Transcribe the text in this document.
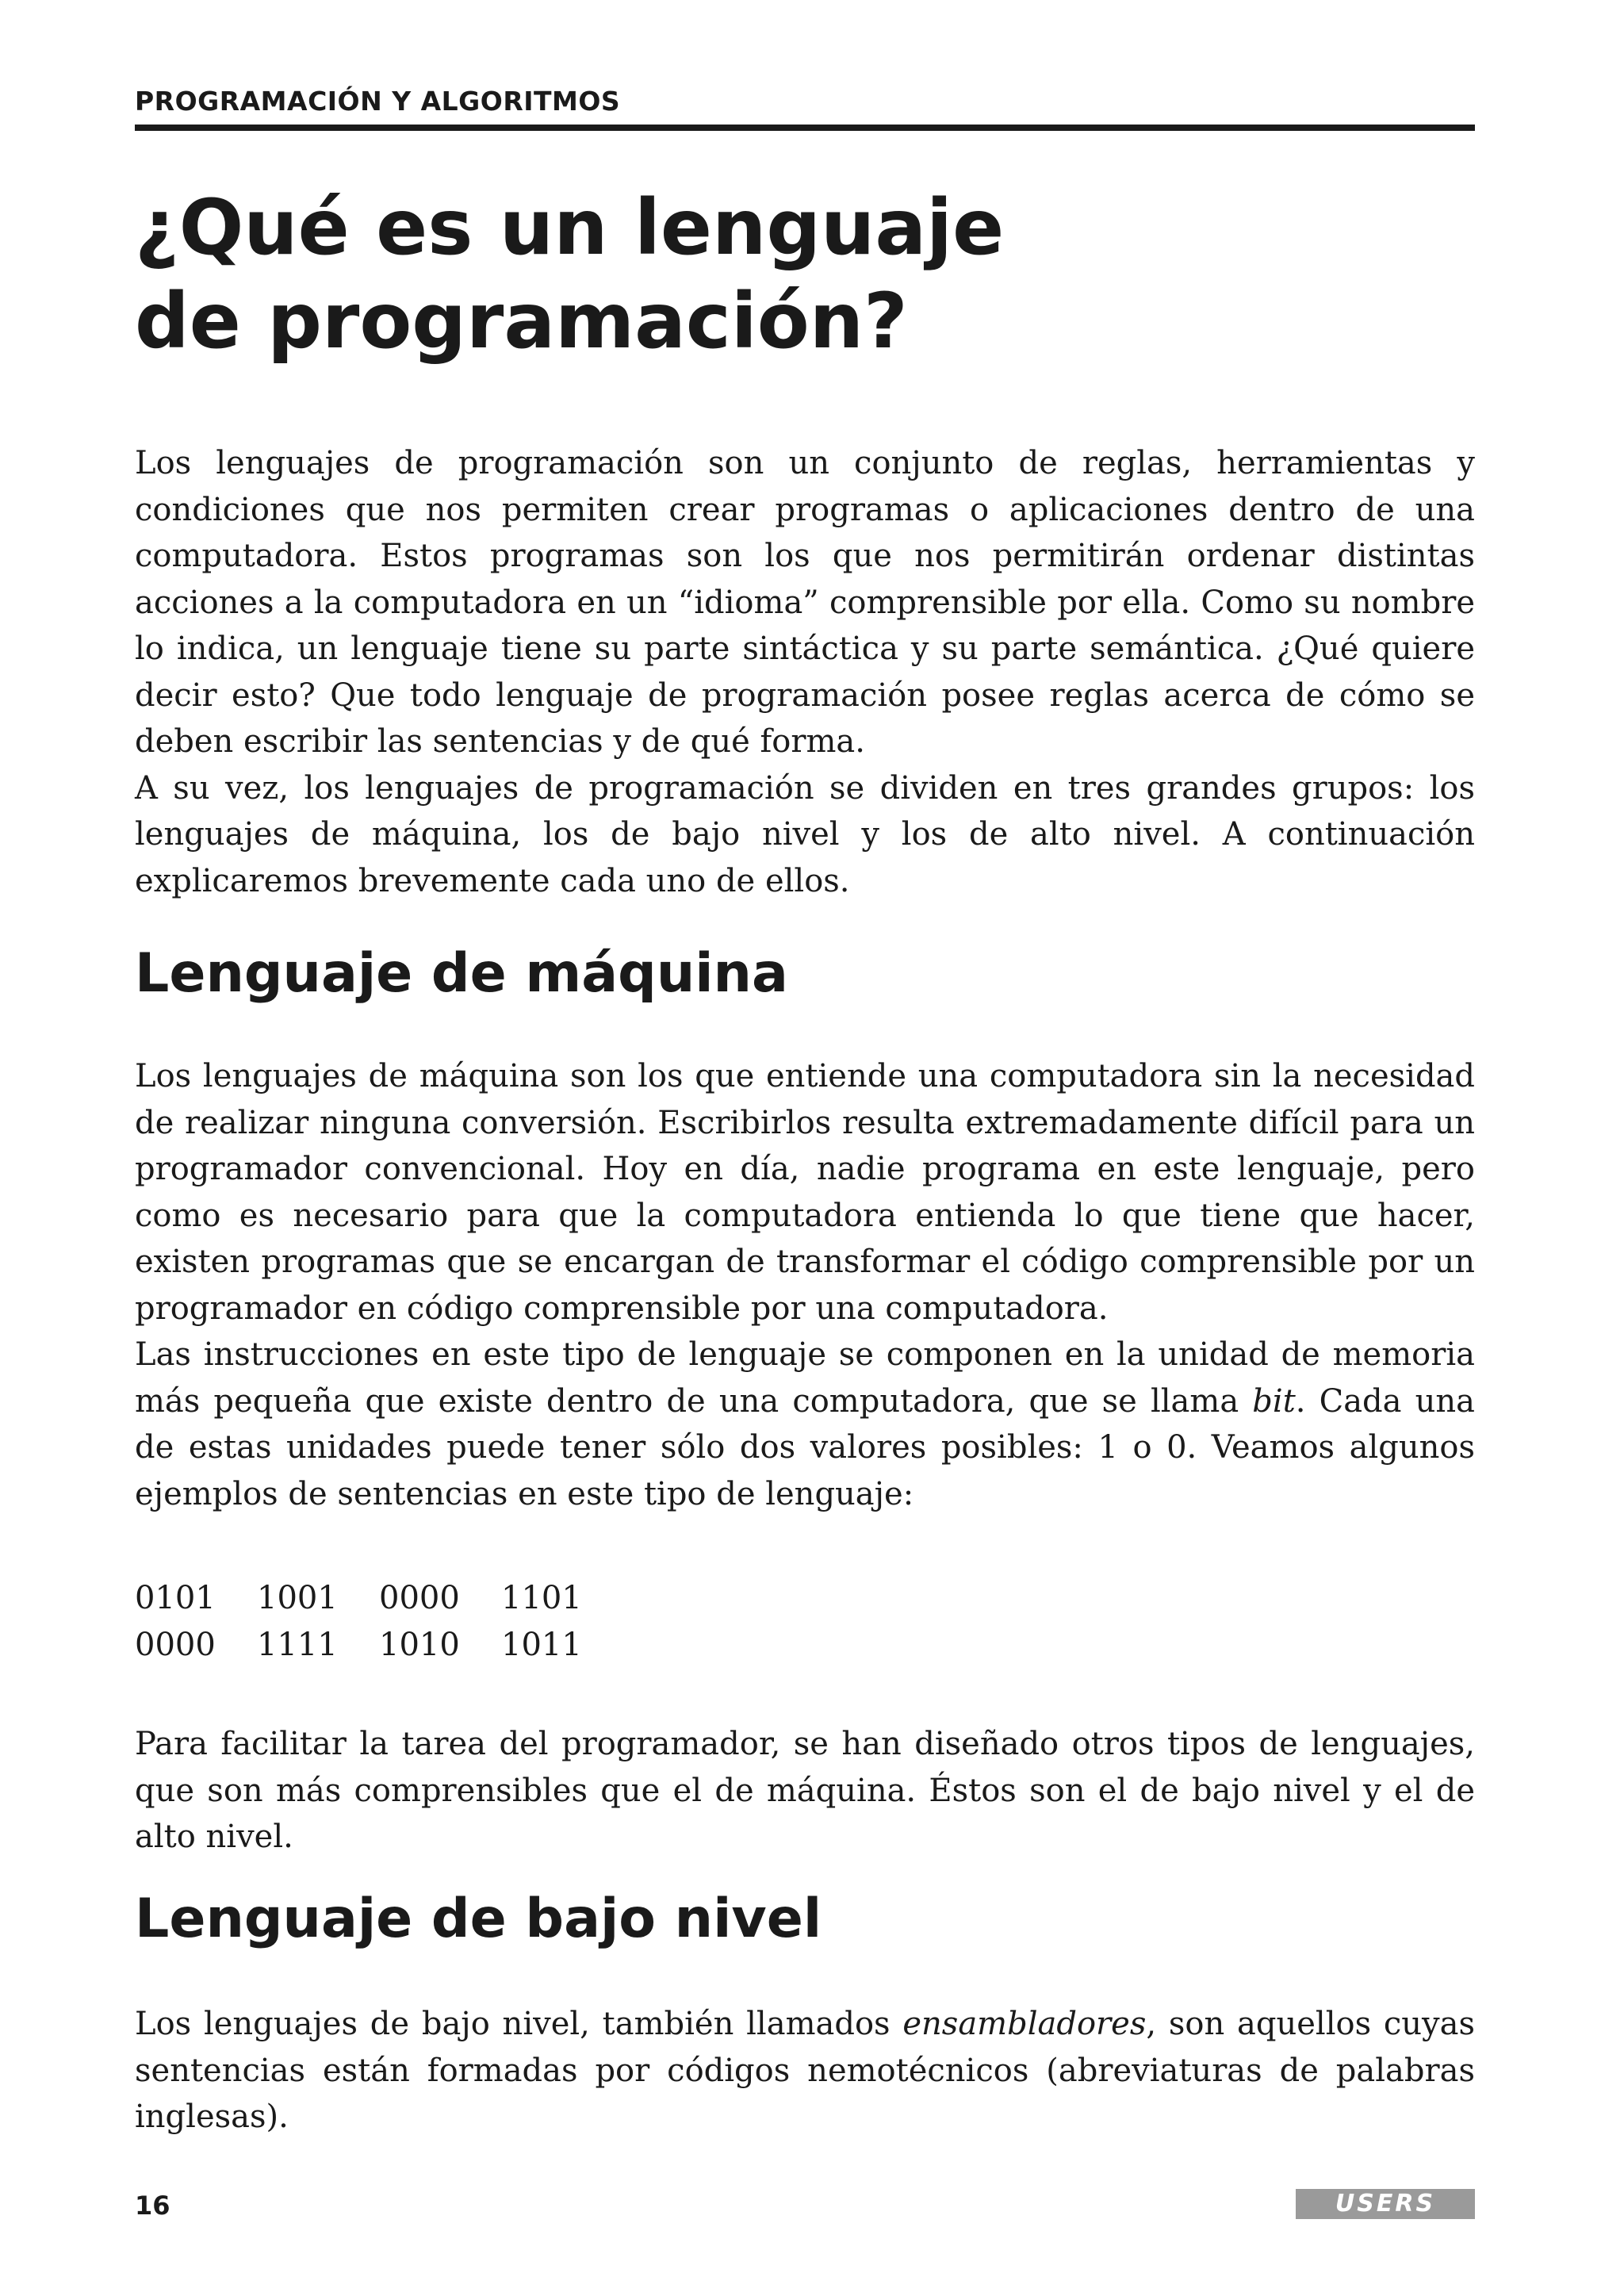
PROGRAMACIÓN Y ALGORITMOS
¿Qué es un lenguaje
de programación?

Los lenguajes de programación son un conjunto de reglas, herramientas y condiciones que nos permiten crear programas o aplicaciones dentro de una computadora. Estos programas son los que nos permitirán ordenar distintas acciones a la computadora en un “idioma” comprensible por ella. Como su nombre lo indica, un lenguaje tiene su parte sintáctica y su parte semántica. ¿Qué quiere decir esto? Que todo lenguaje de programación posee reglas acerca de cómo se deben escribir las sentencias y de qué forma.

A su vez, los lenguajes de programación se dividen en tres grandes grupos: los lenguajes de máquina, los de bajo nivel y los de alto nivel. A continuación explicaremos brevemente cada uno de ellos.

Lenguaje de máquina

Los lenguajes de máquina son los que entiende una computadora sin la necesidad de realizar ninguna conversión. Escribirlos resulta extremadamente difícil para un programador convencional. Hoy en día, nadie programa en este lenguaje, pero como es necesario para que la computadora entienda lo que tiene que hacer, existen programas que se encargan de transformar el código comprensible por un programador en código comprensible por una computadora.

Las instrucciones en este tipo de lenguaje se componen en la unidad de memoria más pequeña que existe dentro de una computadora, que se llama bit. Cada una de estas unidades puede tener sólo dos valores posibles: 1 o 0. Veamos algunos ejemplos de sentencias en este tipo de lenguaje:

0101	1001	0000	1101
0000	1111	1010	1011

Para facilitar la tarea del programador, se han diseñado otros tipos de lenguajes, que son más comprensibles que el de máquina. Éstos son el de bajo nivel y el de alto nivel.

Lenguaje de bajo nivel

Los lenguajes de bajo nivel, también llamados ensambladores, son aquellos cuyas sentencias están formadas por códigos nemotécnicos (abreviaturas de palabras inglesas).

16	USERS
